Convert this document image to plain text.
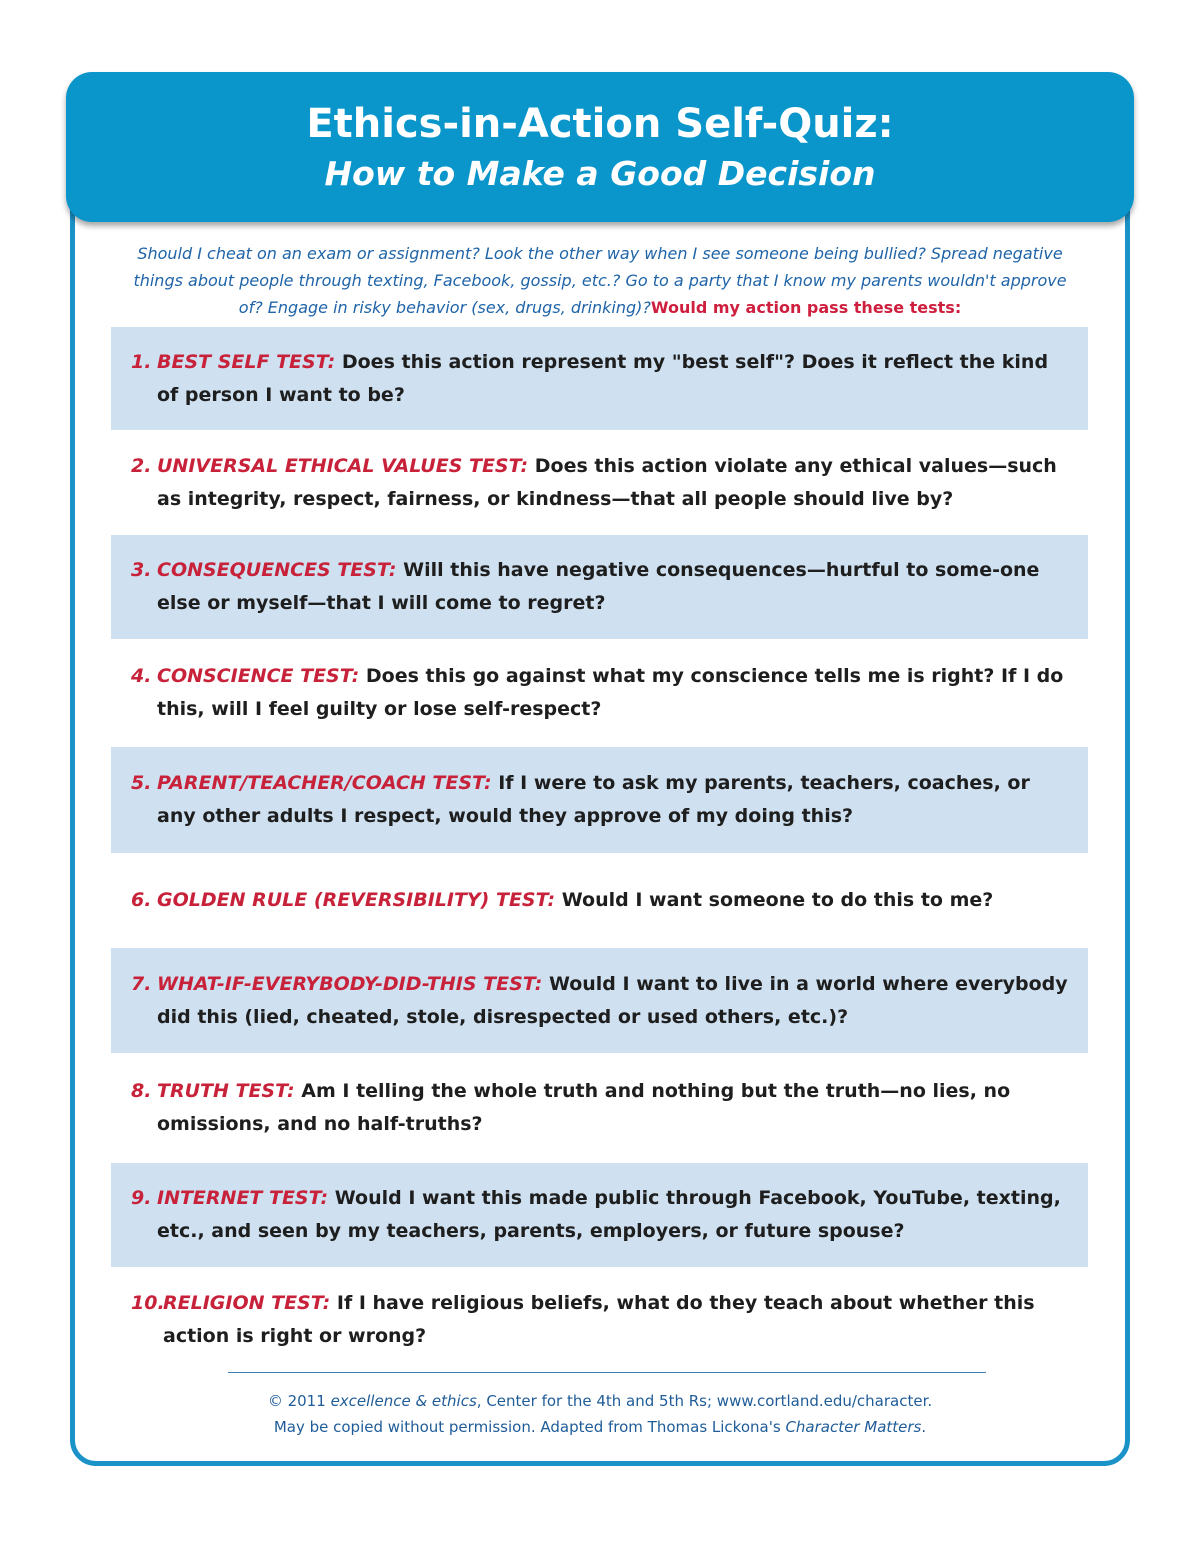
Ethics-in-Action Self-Quiz:
How to Make a Good Decision
Should I cheat on an exam or assignment? Look the other way when I see someone being bullied? Spread negative things about people through texting, Facebook, gossip, etc.? Go to a party that I know my parents wouldn't approve of? Engage in risky behavior (sex, drugs, drinking)?Would my action pass these tests:
1. BEST SELF TEST: Does this action represent my "best self"? Does it reflect the kind of person I want to be?
2. UNIVERSAL ETHICAL VALUES TEST: Does this action violate any ethical values—such as integrity, respect, fairness, or kindness—that all people should live by?
3. CONSEQUENCES TEST: Will this have negative consequences—hurtful to some-one else or myself—that I will come to regret?
4. CONSCIENCE TEST: Does this go against what my conscience tells me is right? If I do this, will I feel guilty or lose self-respect?
5. PARENT/TEACHER/COACH TEST: If I were to ask my parents, teachers, coaches, or any other adults I respect, would they approve of my doing this?
6. GOLDEN RULE (REVERSIBILITY) TEST: Would I want someone to do this to me?
7. WHAT-IF-EVERYBODY-DID-THIS TEST: Would I want to live in a world where everybody did this (lied, cheated, stole, disrespected or used others, etc.)?
8. TRUTH TEST: Am I telling the whole truth and nothing but the truth—no lies, no omissions, and no half-truths?
9. INTERNET TEST: Would I want this made public through Facebook, YouTube, texting, etc., and seen by my teachers, parents, employers, or future spouse?
10.
RELIGION TEST: If I have religious beliefs, what do they teach about whether this action is right or wrong?
© 2011 excellence & ethics, Center for the 4th and 5th Rs; www.cortland.edu/character.
May be copied without permission. Adapted from Thomas Lickona's Character Matters.
